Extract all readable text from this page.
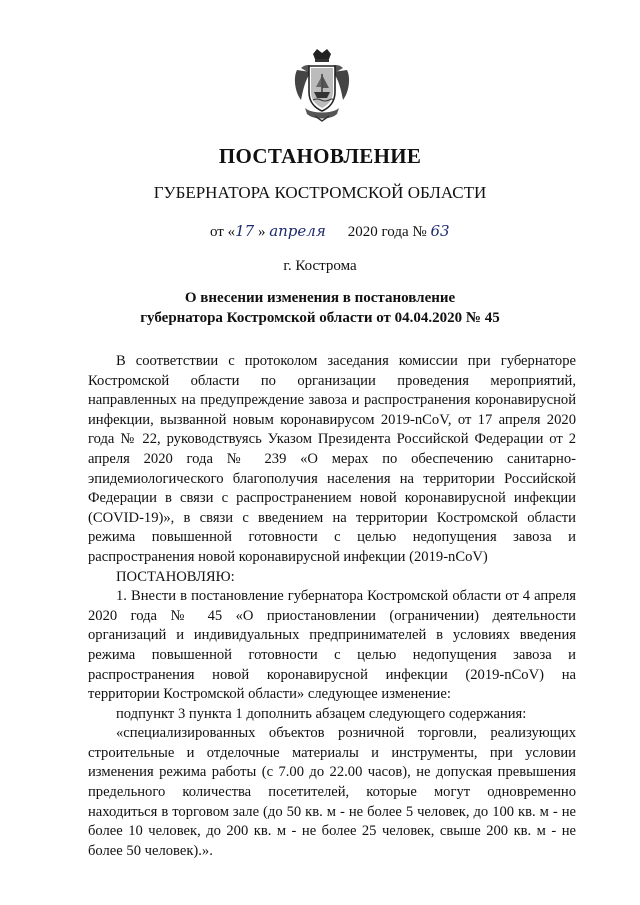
ПОСТАНОВЛЕНИЕ
ГУБЕРНАТОРА КОСТРОМСКОЙ ОБЛАСТИ
от «17 » апреля 2020 года № 63
г. Кострома
О внесении изменения в постановление
губернатора Костромской области от 04.04.2020 № 45

В соответствии с протоколом заседания комиссии при губернаторе Костромской области по организации проведения мероприятий, направленных на предупреждение завоза и распространения коронавирусной инфекции, вызванной новым коронавирусом 2019-nCoV, от 17 апреля 2020 года № 22, руководствуясь Указом Президента Российской Федерации от 2 апреля 2020 года № 239 «О мерах по обеспечению санитарно-эпидемиологического благополучия населения на территории Российской Федерации в связи с распространением новой коронавирусной инфекции (COVID-19)», в связи с введением на территории Костромской области режима повышенной готовности с целью недопущения завоза и распространения новой коронавирусной инфекции (2019-nCoV)

ПОСТАНОВЛЯЮ:

1. Внести в постановление губернатора Костромской области от 4 апреля 2020 года № 45 «О приостановлении (ограничении) деятельности организаций и индивидуальных предпринимателей в условиях введения режима повышенной готовности с целью недопущения завоза и распространения новой коронавирусной инфекции (2019-nCoV) на территории Костромской области» следующее изменение:

подпункт 3 пункта 1 дополнить абзацем следующего содержания:

«специализированных объектов розничной торговли, реализующих строительные и отделочные материалы и инструменты, при условии изменения режима работы (с 7.00 до 22.00 часов), не допуская превышения предельного количества посетителей, которые могут одновременно находиться в торговом зале (до 50 кв. м - не более 5 человек, до 100 кв. м - не более 10 человек, до 200 кв. м - не более 25 человек, свыше 200 кв. м - не более 50 человек).».
